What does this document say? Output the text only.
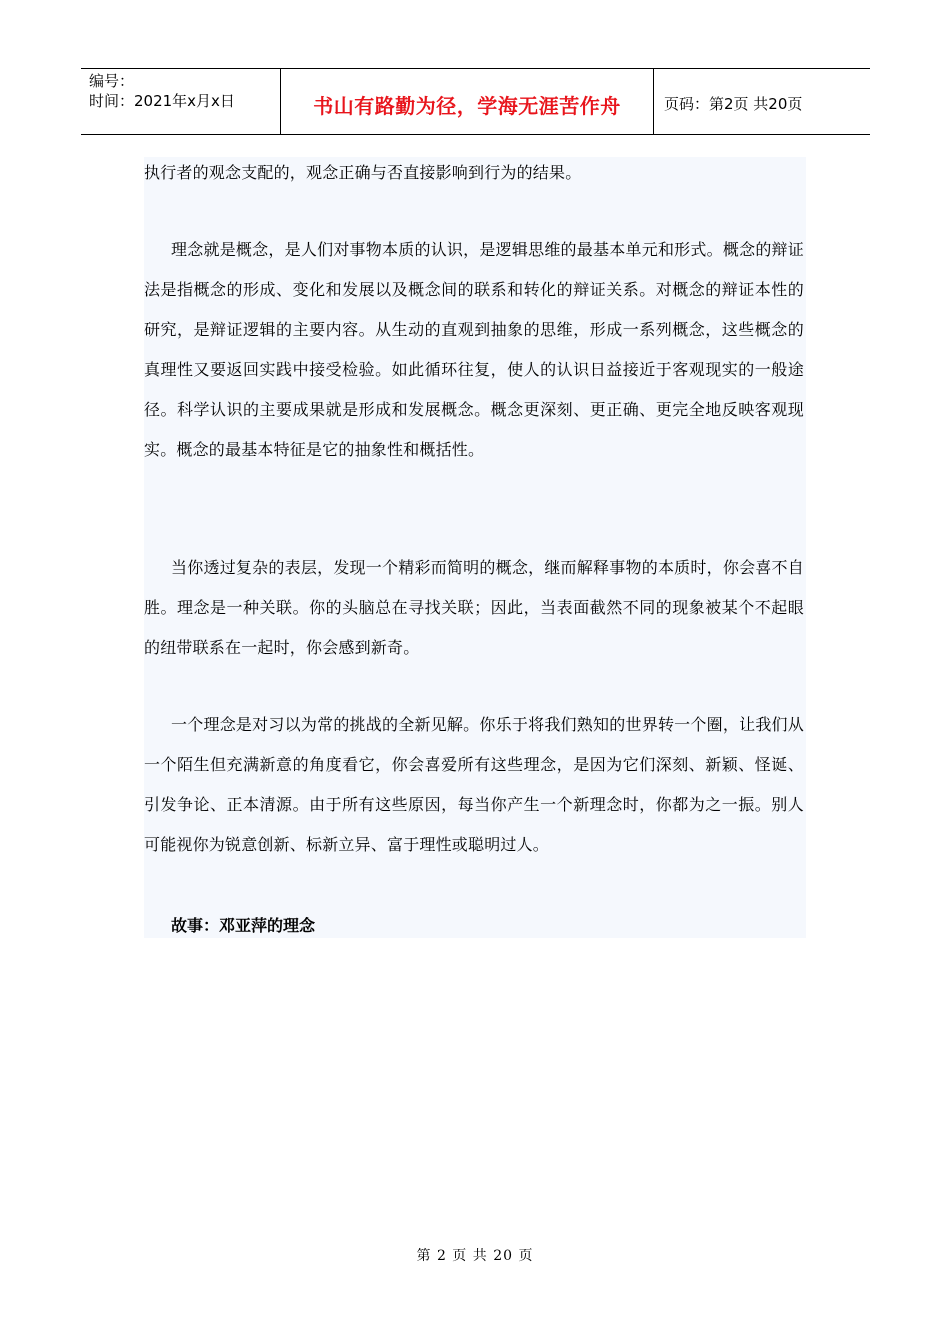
编号：
时间：2021年x月x日	书山有路勤为径，学海无涯苦作舟	页码：第2页 共20页

执行者的观念支配的，观念正确与否直接影响到行为的结果。

理念就是概念，是人们对事物本质的认识，是逻辑思维的最基本单元和形式。概念的辩证法是指概念的形成、变化和发展以及概念间的联系和转化的辩证关系。对概念的辩证本性的研究，是辩证逻辑的主要内容。从生动的直观到抽象的思维，形成一系列概念，这些概念的真理性又要返回实践中接受检验。如此循环往复，使人的认识日益接近于客观现实的一般途径。科学认识的主要成果就是形成和发展概念。概念更深刻、更正确、更完全地反映客观现实。概念的最基本特征是它的抽象性和概括性。

当你透过复杂的表层，发现一个精彩而简明的概念，继而解释事物的本质时，你会喜不自胜。理念是一种关联。你的头脑总在寻找关联；因此，当表面截然不同的现象被某个不起眼的纽带联系在一起时，你会感到新奇。

一个理念是对习以为常的挑战的全新见解。你乐于将我们熟知的世界转一个圈，让我们从一个陌生但充满新意的角度看它，你会喜爱所有这些理念，是因为它们深刻、新颖、怪诞、引发争论、正本清源。由于所有这些原因，每当你产生一个新理念时，你都为之一振。别人可能视你为锐意创新、标新立异、富于理性或聪明过人。

故事：邓亚萍的理念
第 2 页 共 20 页
